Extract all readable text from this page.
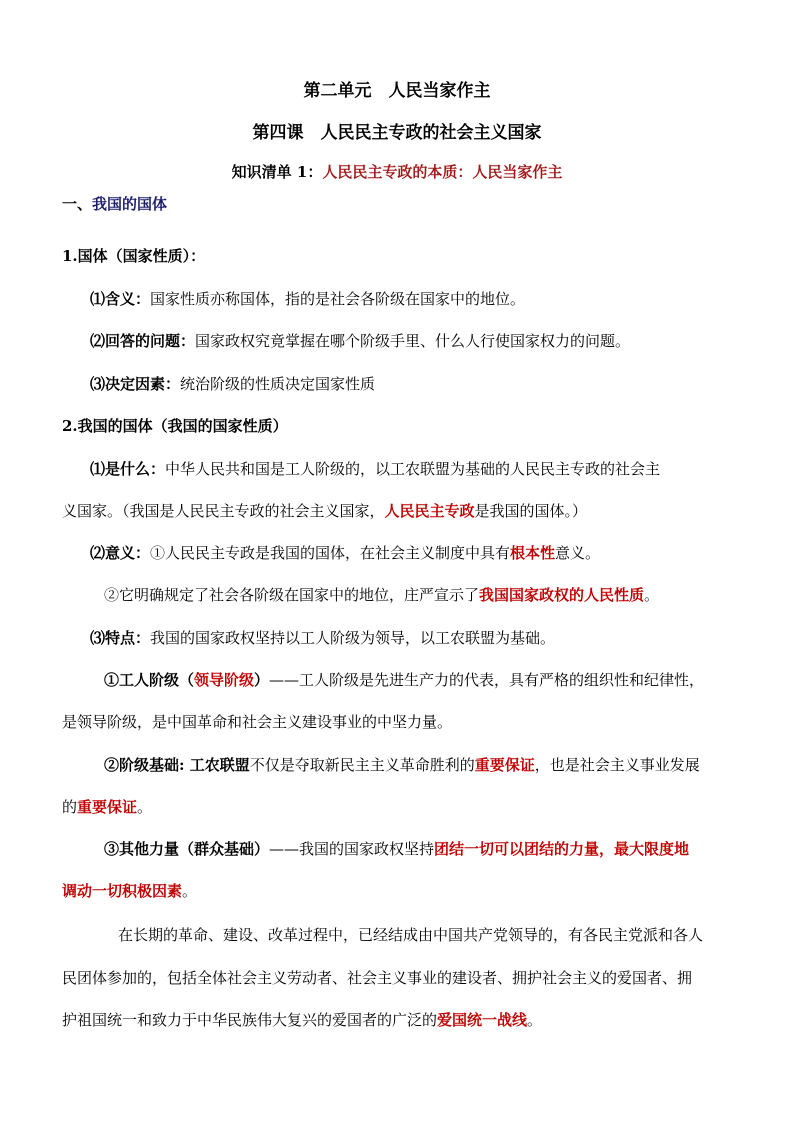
第二单元　人民当家作主
第四课　人民民主专政的社会主义国家
知识清单 1：人民民主专政的本质：人民当家作主
一、我国的国体
1.国体（国家性质）：
⑴含义：国家性质亦称国体，指的是社会各阶级在国家中的地位。
⑵回答的问题：国家政权究竟掌握在哪个阶级手里、什么人行使国家权力的问题。
⑶决定因素：统治阶级的性质决定国家性质
2.我国的国体（我国的国家性质）
⑴是什么：中华人民共和国是工人阶级的，以工农联盟为基础的人民民主专政的社会主
义国家。（我国是人民民主专政的社会主义国家，人民民主专政是我国的国体。）
⑵意义：①人民民主专政是我国的国体，在社会主义制度中具有根本性意义。
②它明确规定了社会各阶级在国家中的地位，庄严宣示了我国国家政权的人民性质。
⑶特点：我国的国家政权坚持以工人阶级为领导，以工农联盟为基础。
①工人阶级（领导阶级）——工人阶级是先进生产力的代表，具有严格的组织性和纪律性，
是领导阶级，是中国革命和社会主义建设事业的中坚力量。
②阶级基础: 工农联盟不仅是夺取新民主主义革命胜利的重要保证，也是社会主义事业发展
的重要保证。
③其他力量（群众基础）——我国的国家政权坚持团结一切可以团结的力量，最大限度地
调动一切积极因素。
在长期的革命、建设、改革过程中，已经结成由中国共产党领导的，有各民主党派和各人
民团体参加的，包括全体社会主义劳动者、社会主义事业的建设者、拥护社会主义的爱国者、拥
护祖国统一和致力于中华民族伟大复兴的爱国者的广泛的爱国统一战线。
